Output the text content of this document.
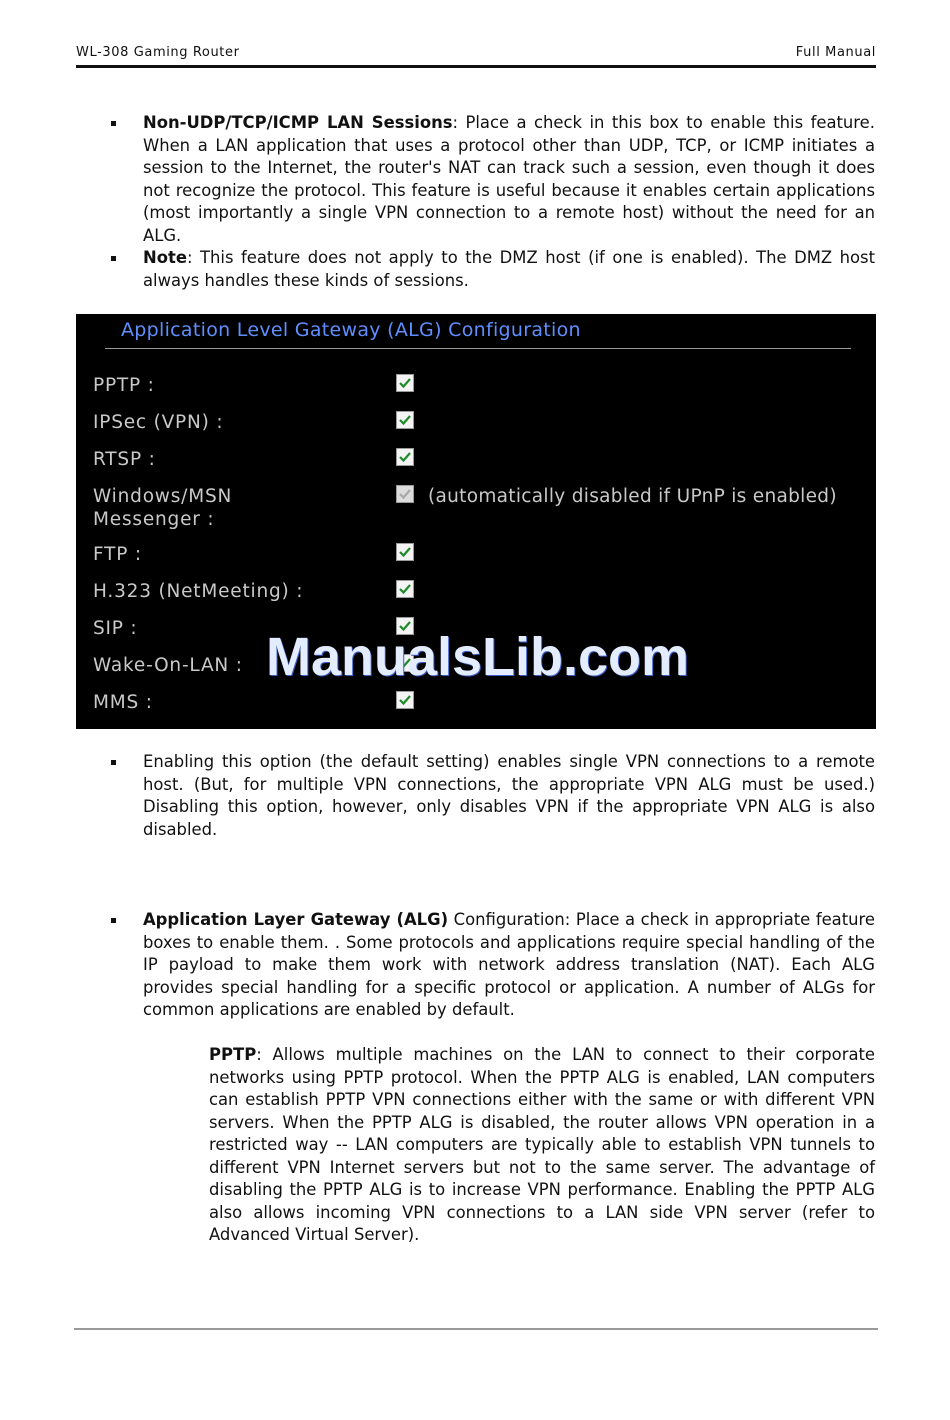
WL-308 Gaming Router	Full Manual
Non-UDP/TCP/ICMP LAN Sessions: Place a check in this box to enable this feature. When a LAN application that uses a protocol other than UDP, TCP, or ICMP initiates a session to the Internet, the router's NAT can track such a session, even though it does not recognize the protocol. This feature is useful because it enables certain applications (most importantly a single VPN connection to a remote host) without the need for an ALG.
Note: This feature does not apply to the DMZ host (if one is enabled). The DMZ host always handles these kinds of sessions.
Application Level Gateway (ALG) Configuration
PPTP :
IPSec (VPN) :
RTSP :
Windows/MSN Messenger :
(automatically disabled if UPnP is enabled)
FTP :
H.323 (NetMeeting) :
SIP :
Wake-On-LAN :
MMS :
ManualsLib.com
Enabling this option (the default setting) enables single VPN connections to a remote host. (But, for multiple VPN connections, the appropriate VPN ALG must be used.) Disabling this option, however, only disables VPN if the appropriate VPN ALG is also disabled.
Application Layer Gateway (ALG) Configuration: Place a check in appropriate feature boxes to enable them. . Some protocols and applications require special handling of the IP payload to make them work with network address translation (NAT). Each ALG provides special handling for a specific protocol or application. A number of ALGs for common applications are enabled by default.
PPTP: Allows multiple machines on the LAN to connect to their corporate networks using PPTP protocol. When the PPTP ALG is enabled, LAN computers can establish PPTP VPN connections either with the same or with different VPN servers. When the PPTP ALG is disabled, the router allows VPN operation in a restricted way -- LAN computers are typically able to establish VPN tunnels to different VPN Internet servers but not to the same server. The advantage of disabling the PPTP ALG is to increase VPN performance. Enabling the PPTP ALG also allows incoming VPN connections to a LAN side VPN server (refer to Advanced Virtual Server).
